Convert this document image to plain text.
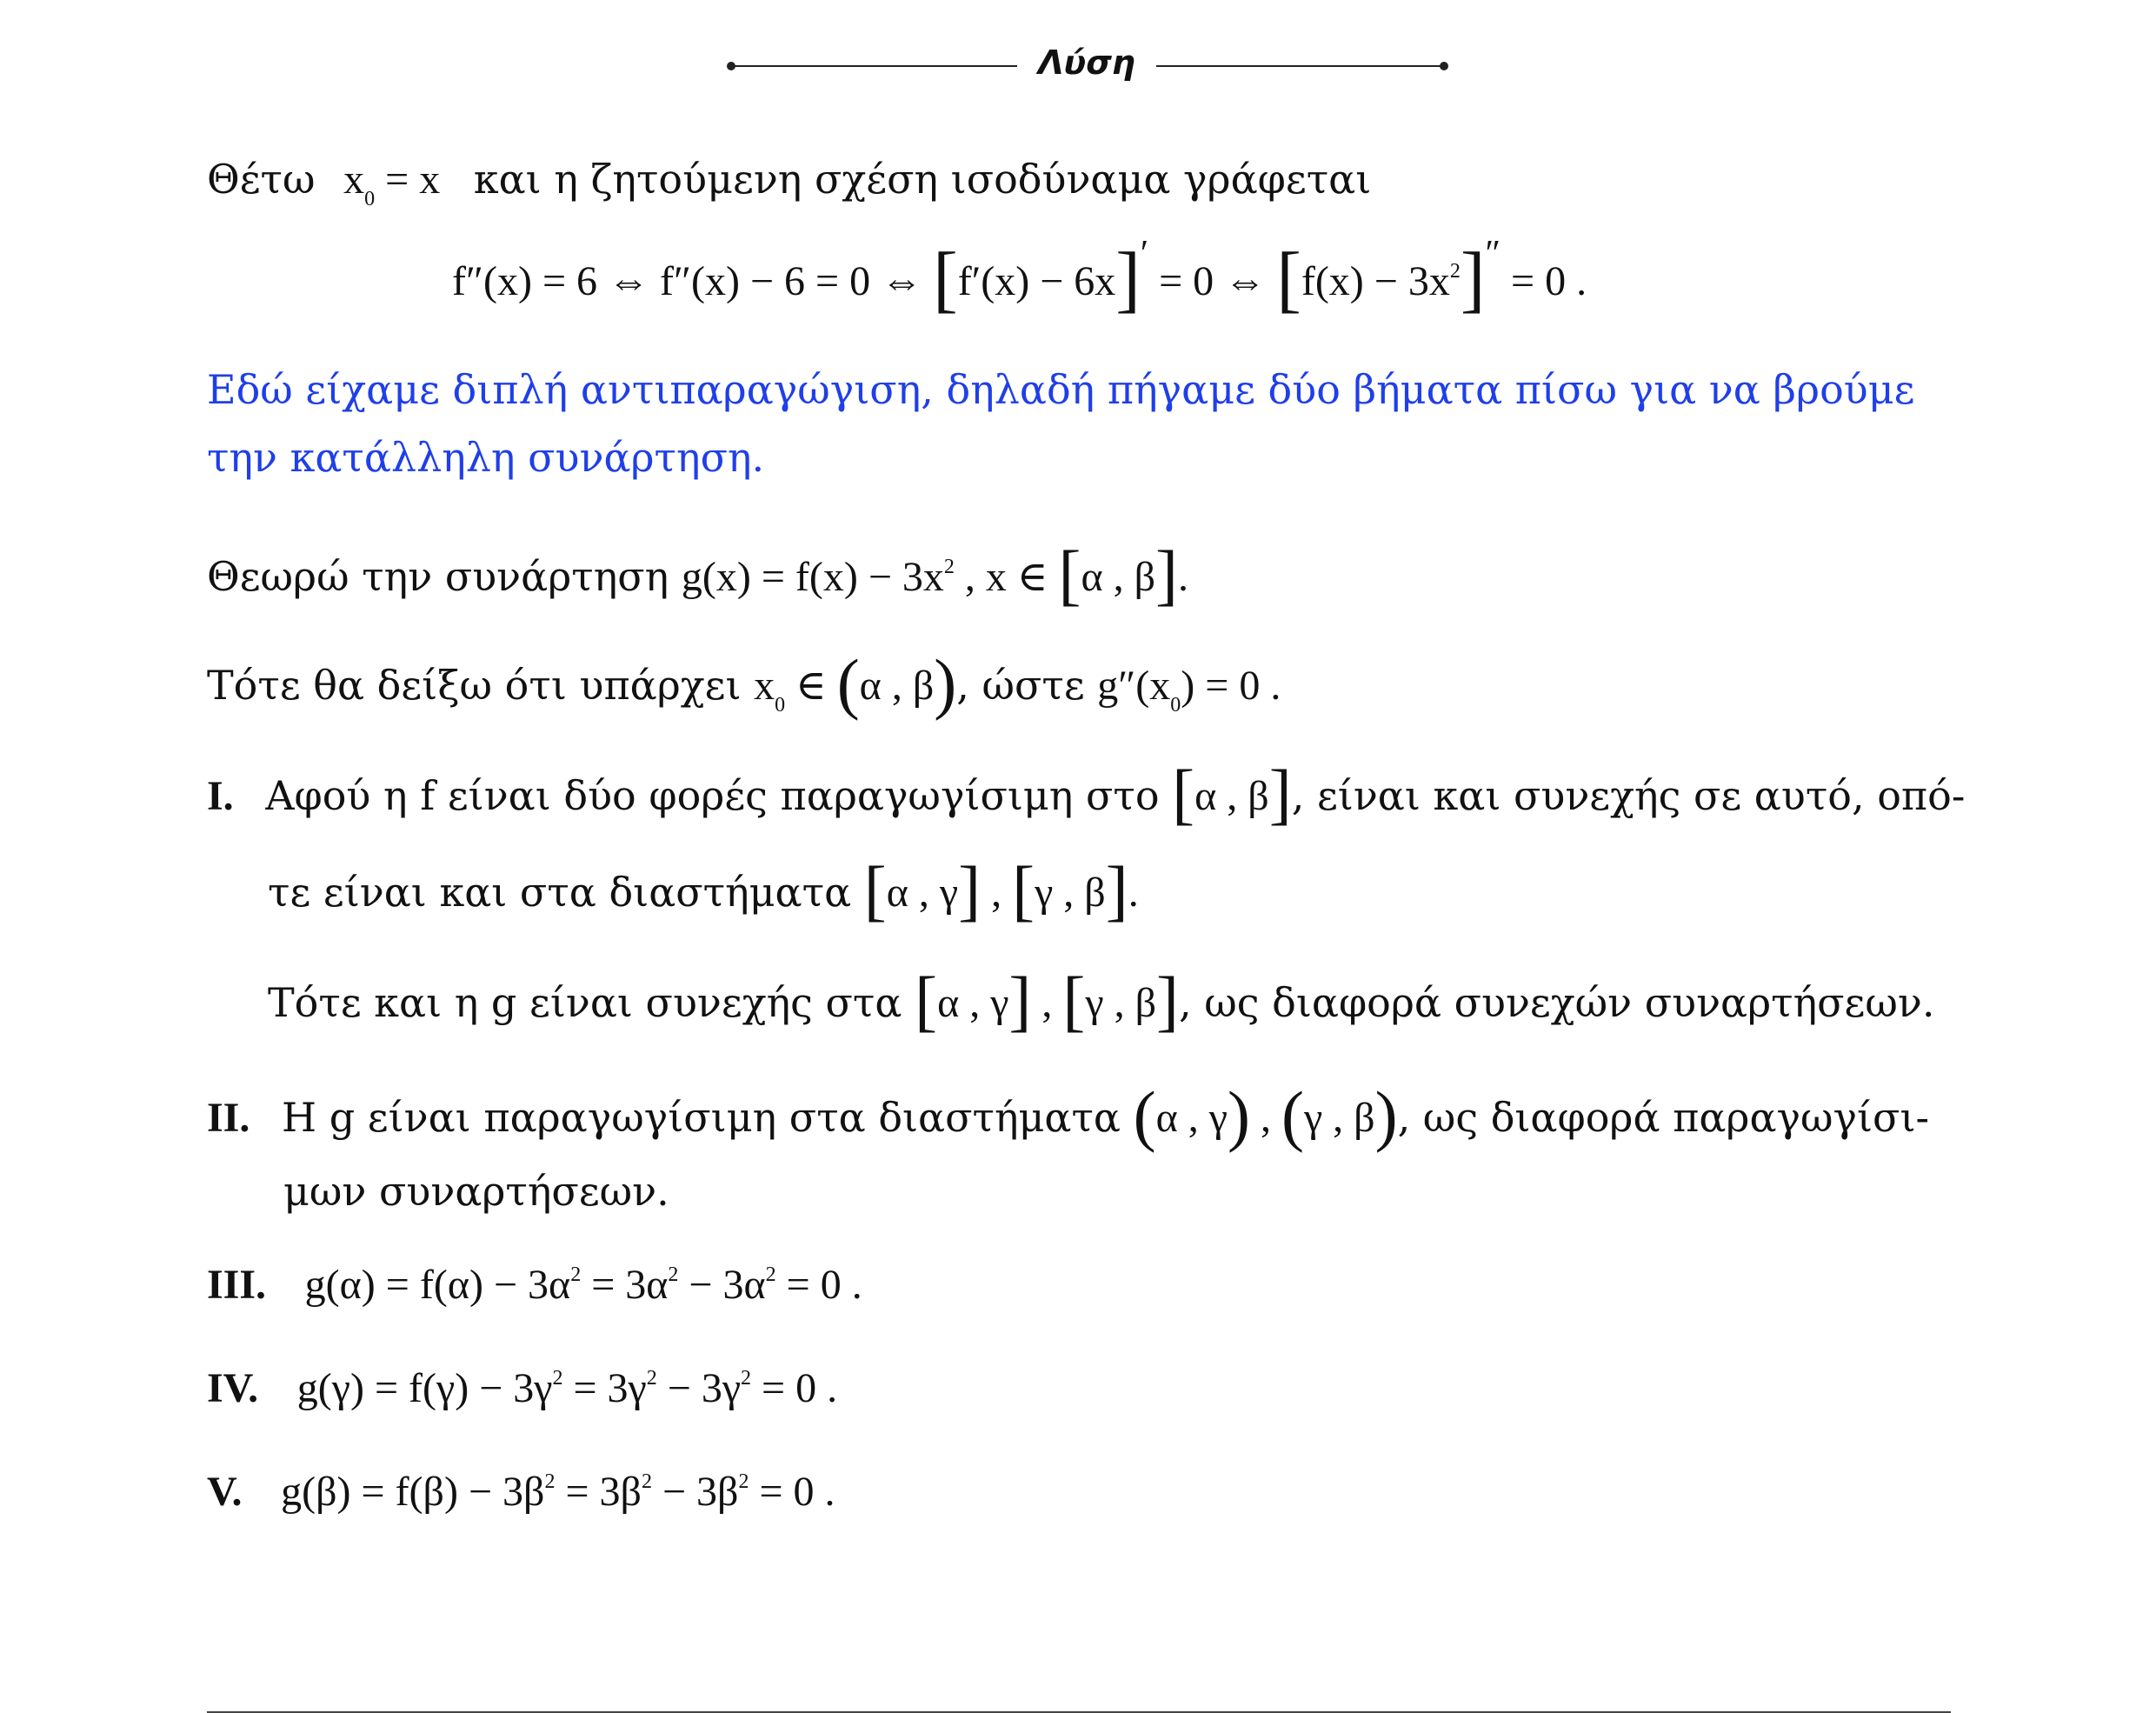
Λύση
Θέτω $x_0 = x$ και η ζητούμενη σχέση ισοδύναμα γράφεται
f″(x) = 6 ⇔ f″(x) − 6 = 0 ⇔ [f′(x) − 6x]′ = 0 ⇔ $[f(x) - 3x^2]'' = 0$ .
Εδώ είχαμε διπλή αντιπαραγώγιση, δηλαδή πήγαμε δύο βήματα πίσω για να βρούμε
την κατάλληλη συνάρτηση.
Θεωρώ την συνάρτηση $g(x) = f(x) - 3x^2$ , x ∈ [α , β].
Τότε θα δείξω ότι υπάρχει $x_0$ ∈ (α , β), ώστε $g''(x_0) = 0$ .
I. Αφού η f είναι δύο φορές παραγωγίσιμη στο [α , β], είναι και συνεχής σε αυτό, οπό-
τε είναι και στα διαστήματα [α , γ] , [γ , β].
Τότε και η g είναι συνεχής στα [α , γ] , [γ , β], ως διαφορά συνεχών συναρτήσεων.
II. Η g είναι παραγωγίσιμη στα διαστήματα (α , γ) , (γ , β), ως διαφορά παραγωγίσι-
μων συναρτήσεων.
III. $g(\alpha) = f(\alpha) - 3\alpha^2 = 3\alpha^2 - 3\alpha^2 = 0$ .
IV. $g(\gamma) = f(\gamma) - 3\gamma^2 = 3\gamma^2 - 3\gamma^2 = 0$ .
V. $g(\beta) = f(\beta) - 3\beta^2 = 3\beta^2 - 3\beta^2 = 0$ .
